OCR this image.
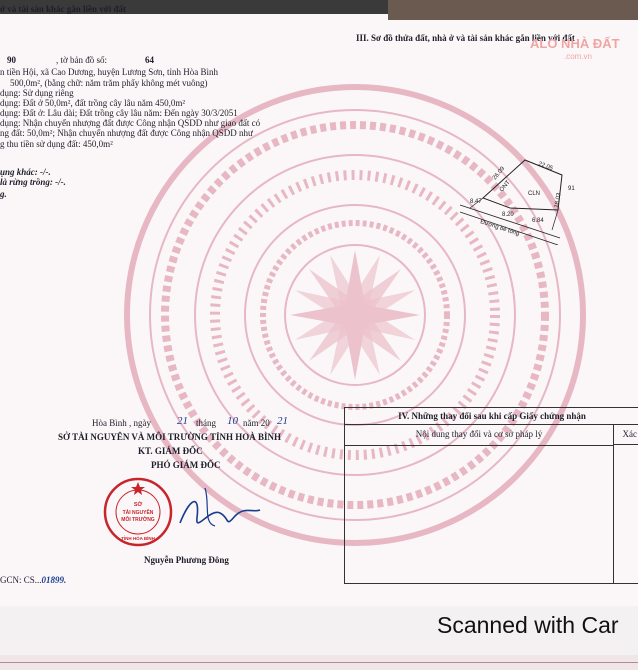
ở và tài sản khác gắn liền với đất
III. Sơ đồ thửa đất, nhà ở và tài sản khác gắn liền với đất
ALO NHÀ ĐẤT
.com.vn
90	, tờ bản đồ số:	64
n tiền Hội, xã Cao Dương, huyện Lương Sơn, tỉnh Hòa Bình
500,0m², (bằng chữ: năm trăm phẩy không mét vuông)
dụng: Sử dụng riêng
dụng: Đất ở 50,0m², đất trồng cây lâu năm 450,0m²
dụng: Đất ở: Lâu dài; Đất trồng cây lâu năm: Đến ngày 30/3/2051
dụng: Nhận chuyển nhượng đất được Công nhận QSDD như giao đất có
ng đất: 50,0m²; Nhận chuyển nhượng đất được Công nhận QSDD như
g thu tiền sử dụng đất: 450,0m²
ụng khác: -/-.
là rừng trồng: -/-.
g.
26.09	22.05
ONT
CLN
91
8.47
8.20
6.84
18.03
Đường bê tông
Hòa Bình , ngày 21 tháng 10 năm 20 21
SỞ TÀI NGUYÊN VÀ MÔI TRƯỜNG TỈNH HOÀ BÌNH
KT. GIÁM ĐỐC
PHÓ GIÁM ĐỐC
Nguyễn Phương Đông
SỞ
TÀI NGUYÊN
MÔI TRƯỜNG
TỈNH HÒA BÌNH
IV. Những thay đổi sau khi cấp Giấy chứng nhận
Nội dung thay đổi và cơ sở pháp lý	Xác
GCN: CS...01899.
Scanned with Car
